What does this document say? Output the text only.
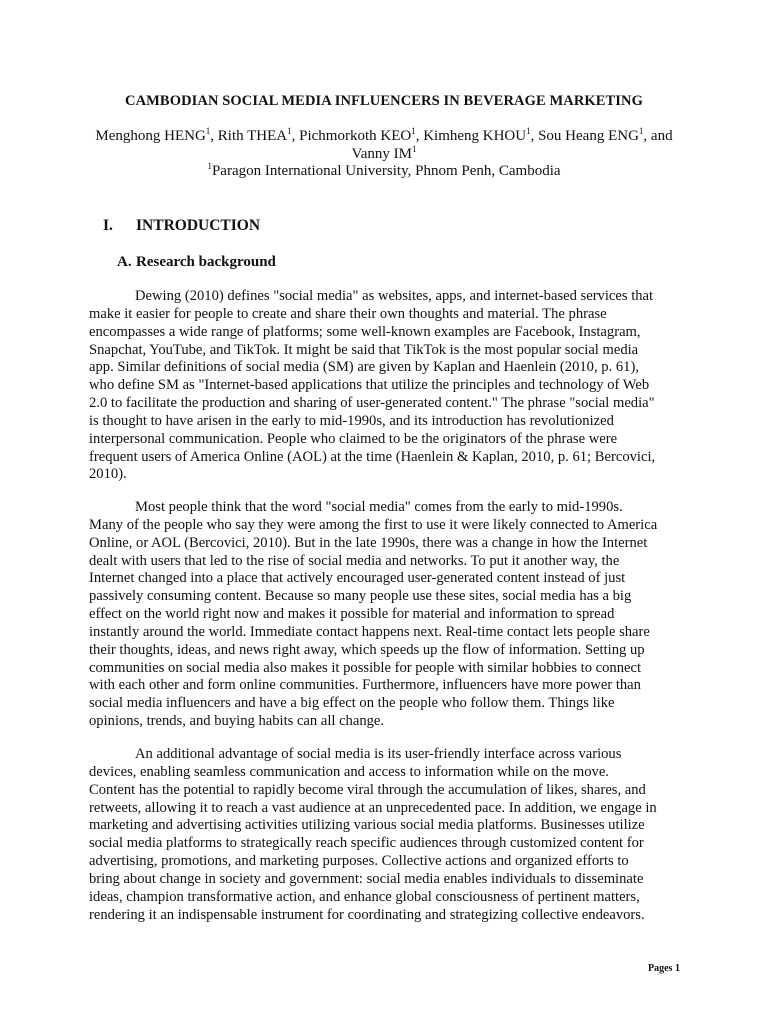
CAMBODIAN SOCIAL MEDIA INFLUENCERS IN BEVERAGE MARKETING
Menghong HENG$^1$, Rith THEA$^1$, Pichmorkoth KEO$^1$, Kimheng KHOU$^1$, Sou Heang ENG$^1$, and Vanny $IM^1$
$^1$Paragon International University, Phnom Penh, Cambodia
I. INTRODUCTION
A. Research background
Dewing (2010) defines "social media" as websites, apps, and internet-based services that
make it easier for people to create and share their own thoughts and material. The phrase
encompasses a wide range of platforms; some well-known examples are Facebook, Instagram,
Snapchat, YouTube, and TikTok. It might be said that TikTok is the most popular social media
app. Similar definitions of social media (SM) are given by Kaplan and Haenlein (2010, p. 61),
who define SM as "Internet-based applications that utilize the principles and technology of Web
2.0 to facilitate the production and sharing of user-generated content." The phrase "social media"
is thought to have arisen in the early to mid-1990s, and its introduction has revolutionized
interpersonal communication. People who claimed to be the originators of the phrase were
frequent users of America Online (AOL) at the time (Haenlein & Kaplan, 2010, p. 61; Bercovici,
2010).
Most people think that the word "social media" comes from the early to mid-1990s.
Many of the people who say they were among the first to use it were likely connected to America
Online, or AOL (Bercovici, 2010). But in the late 1990s, there was a change in how the Internet
dealt with users that led to the rise of social media and networks. To put it another way, the
Internet changed into a place that actively encouraged user-generated content instead of just
passively consuming content. Because so many people use these sites, social media has a big
effect on the world right now and makes it possible for material and information to spread
instantly around the world. Immediate contact happens next. Real-time contact lets people share
their thoughts, ideas, and news right away, which speeds up the flow of information. Setting up
communities on social media also makes it possible for people with similar hobbies to connect
with each other and form online communities. Furthermore, influencers have more power than
social media influencers and have a big effect on the people who follow them. Things like
opinions, trends, and buying habits can all change.
An additional advantage of social media is its user-friendly interface across various
devices, enabling seamless communication and access to information while on the move.
Content has the potential to rapidly become viral through the accumulation of likes, shares, and
retweets, allowing it to reach a vast audience at an unprecedented pace. In addition, we engage in
marketing and advertising activities utilizing various social media platforms. Businesses utilize
social media platforms to strategically reach specific audiences through customized content for
advertising, promotions, and marketing purposes. Collective actions and organized efforts to
bring about change in society and government: social media enables individuals to disseminate
ideas, champion transformative action, and enhance global consciousness of pertinent matters,
rendering it an indispensable instrument for coordinating and strategizing collective endeavors.
Pages 1
